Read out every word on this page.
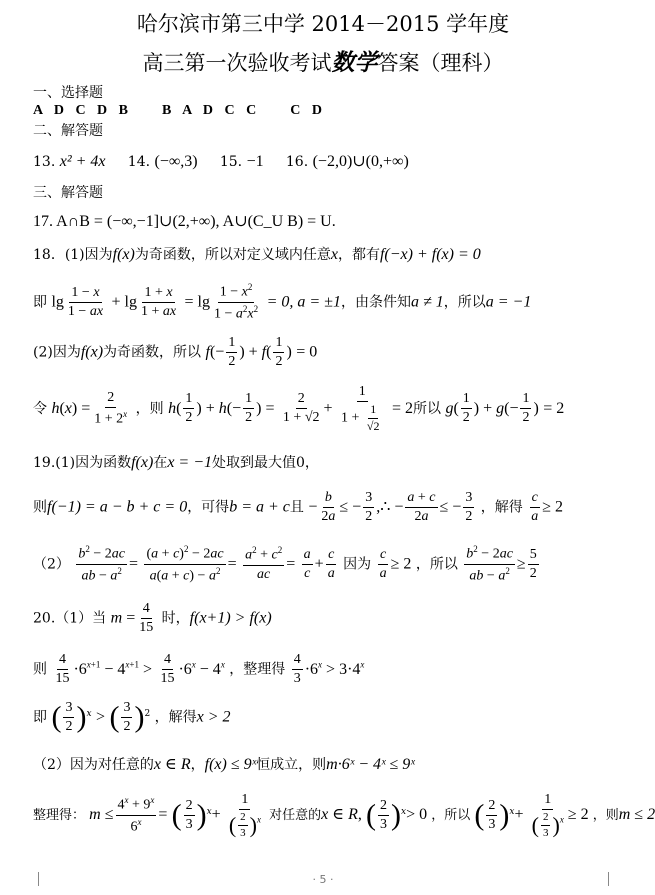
哈尔滨市第三中学 2014－2015 学年度
高三第一次验收考试数学答案（理科）
一、选择题
A D C D B B A D C C C D
二、解答题
13. x² + 4x 14. (−∞,3) 15. −1 16. (−2,0)∪(0,+∞)
三、解答题
17. A∩B = (−∞,−1]∪(2,+∞), A∪(C_U B) = U.
18．(1)因为f(x)为奇函数，所以对定义域内任意x，都有f(−x) + f(x) = 0
即 $\lg \frac{1 - x}{1 - ax} + \lg \frac{1 + x}{1 + ax} = \lg \frac{1 - x^2}{1 - a^2x^2} = 0$, a = ±1，由条件知a ≠ 1，所以a = −1
(2)因为f(x)为奇函数，所以 $f(- \frac{1}{2}$ ) + $f( \frac{1}{2}$ ) = 0
令 $h(x) = \frac{2}{1 + 2^x}$ ，则 $h( \frac{1}{2}$ ) + $h(- \frac{1}{2}$ ) = $\frac{2}{1 + √2} + \frac{1}{1 + \frac{1}{√2}} = 2$所以 $g( \frac{1}{2}$ ) + $g(- \frac{1}{2}$ ) = 2
19.(1)因为函数f(x)在x = −1处取到最大值0，
则f(−1) = a − b + c = 0，可得b = a + c且 − $\frac{b}{2a}$ ≤ − $\frac{3}{2}$ ,∴ − $\frac{a + c}{2a}$ ≤ − $\frac{3}{2}$ ，解得 $\frac{c}{a} \ge 2$
$(2) \frac{b^2 - 2ac}{ab - a^2} = \frac{(a + c)^2 - 2ac}{a(a + c) - a^2} = \frac{a^2 + c^2}{ac} = \frac{a}{c} + \frac{c}{a}$ 因为 $\frac{c}{a} \ge 2$ ，所以 $\frac{b^2 - 2ac}{ab - a^2} \ge \frac{5}{2}$
20.（1）当 $m = \frac{4}{15}$ 时，f(x+1) > f(x)
则 $\frac{4}{15} \cdot 6^{x+1} - 4^{x+1} > \frac{4}{15} \cdot 6^x - 4^x$ ，整理得 $\frac{4}{3} \cdot 6^x > 3\cdot 4^x$
即 ( $\frac{3}{2} )^x$ > ( $\frac{3}{2} )^2$ ，解得x > 2
（2）因为对任意的x ∈ R，f(x) ≤ 9ˣ恒成立，则m·6ˣ − 4ˣ ≤ 9ˣ
整理得： $m \le \frac{4^x + 9^x}{6^x}$ = ( $\frac{2}{3} )^x+ \frac{1}{( \frac{2}{3} )^x}$ 对任意的x ∈ R, ( $\frac{2}{3} )^x> 0$ ，所以 ( $\frac{2}{3} )^x+ \frac{1}{( \frac{2}{3} )^x} \ge 2$ ，则m ≤ 2
· 5 ·
